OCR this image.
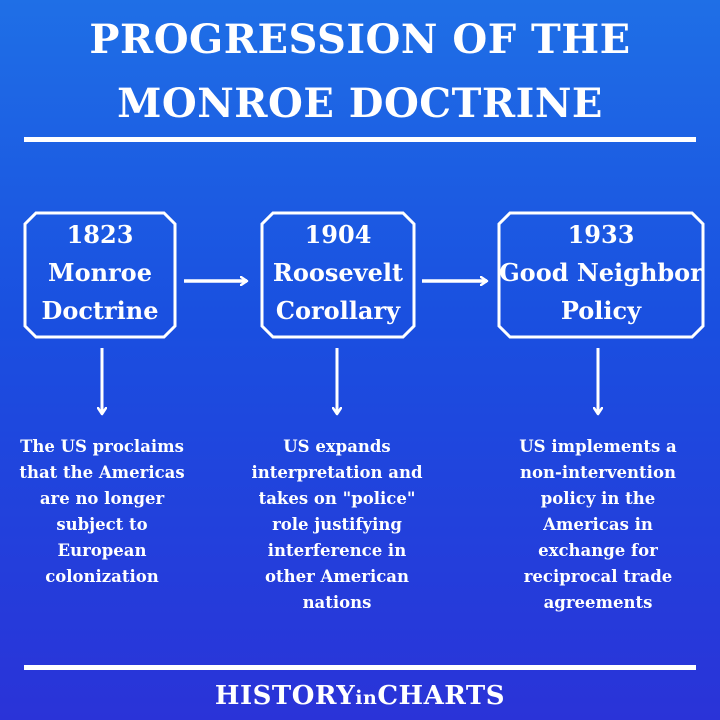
PROGRESSION OF THE
MONROE DOCTRINE
1823
Monroe
Doctrine
1904
Roosevelt
Corollary
1933
Good Neighbor
Policy
The US proclaims
that the Americas
are no longer
subject to European
colonization
US expands
interpretation and
takes on "police"
role justifying
interference in
other American
nations
US implements a
non-intervention
policy in the
Americas in
exchange for
reciprocal trade
agreements
HISTORYinCHARTS
